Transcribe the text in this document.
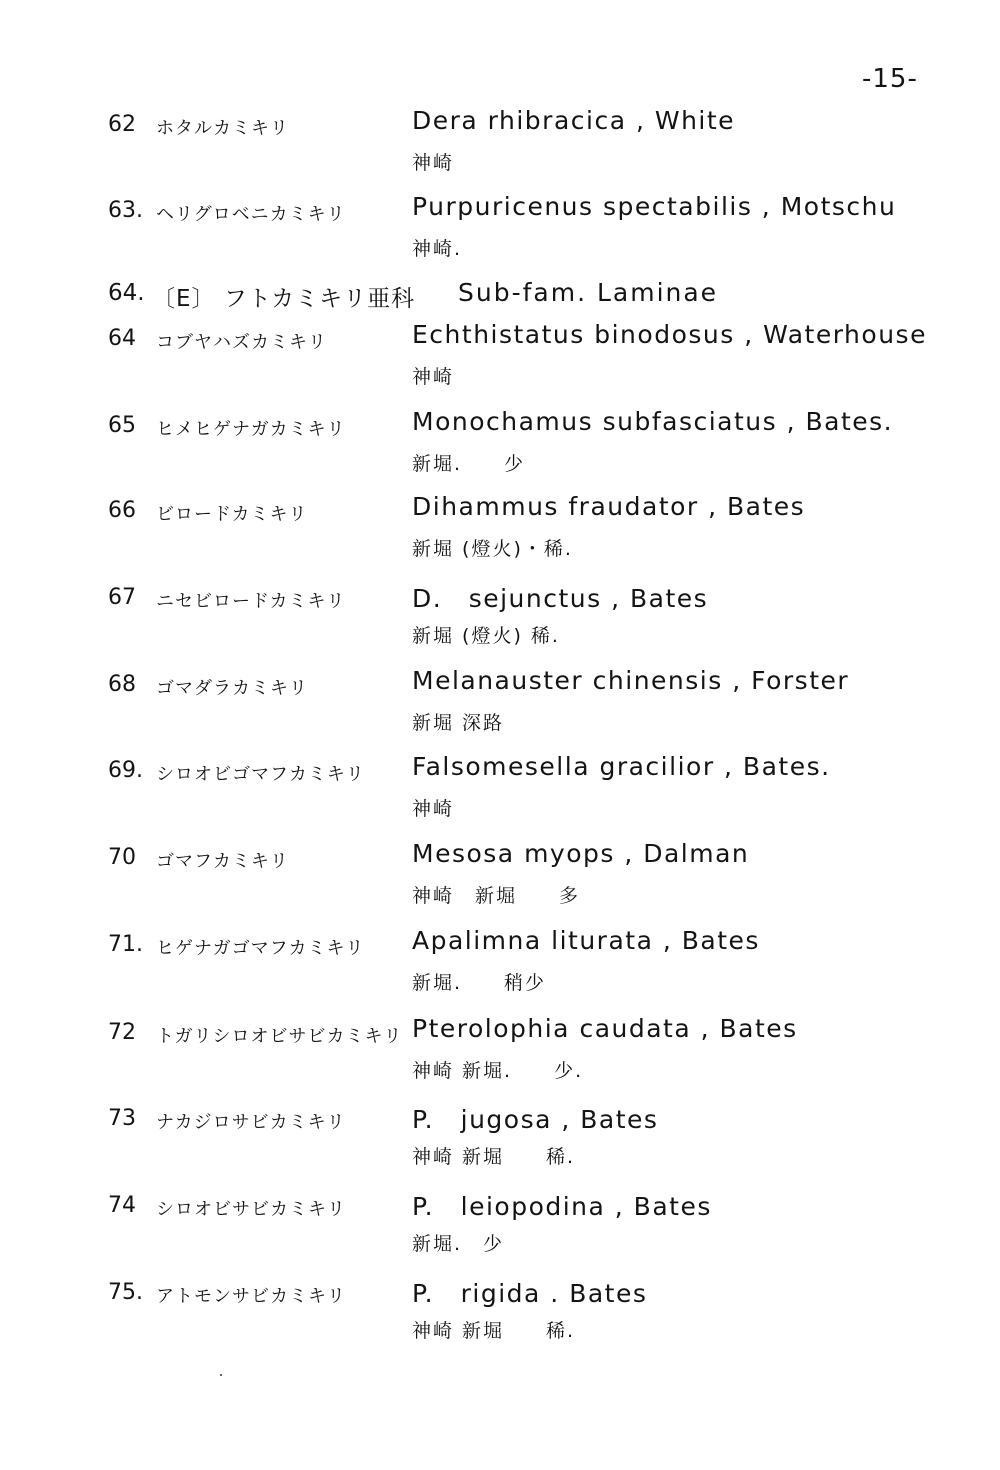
-15-
62 ホタルカミキリ	Dera rhibracica , White
神崎
63. ヘリグロベニカミキリ	Purpuricenus spectabilis , Motschu
神崎.
64. 〔E〕 フトカミキリ亜科 Sub-fam. Laminae
64 コブヤハズカミキリ	Echthistatus binodosus , Waterhouse
神崎
65 ヒメヒゲナガカミキリ	Monochamus subfasciatus , Bates.
新堀.　　少
66 ビロードカミキリ	Dihammus fraudator , Bates
新堀 (燈火)・稀.
67 ニセビロードカミキリ	D.　sejunctus , Bates
新堀 (燈火) 稀.
68 ゴマダラカミキリ	Melanauster chinensis , Forster
新堀 深路
69. シロオビゴマフカミキリ Falsomesella gracilior , Bates.
神崎
70 ゴマフカミキリ	Mesosa myops , Dalman
神崎　新堀　　多
71. ヒゲナガゴマフカミキリ Apalimna liturata , Bates
新堀.　　稍少
72 トガリシロオビサビカミキリ Pterolophia caudata , Bates
神崎 新堀.　　少.
73 ナカジロサビカミキリ	P.　jugosa , Bates
神崎 新堀　　稀.
74 シロオビサビカミキリ	P.　leiopodina , Bates
新堀.　少
75. アトモンサビカミキリ	P.　rigida . Bates
神崎 新堀　　稀.
